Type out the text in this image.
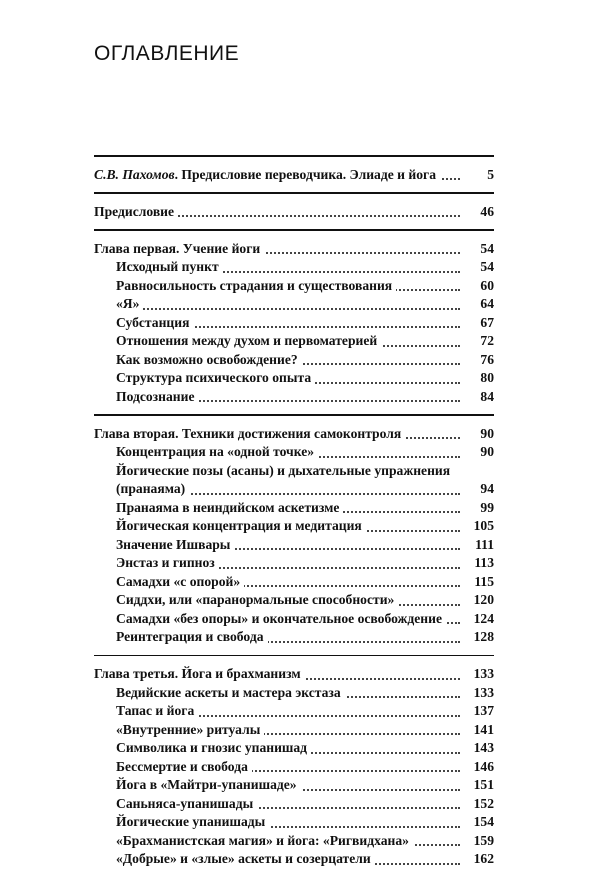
ОГЛАВЛЕНИЕ
С.В. Пахомов. Предисловие переводчика. Элиаде и йога	5
Предисловие	46
Глава первая. Учение йоги	54
Исходный пункт	54
Равносильность страдания и существования	60
«Я»	64
Субстанция	67
Отношения между духом и первоматерией	72
Как возможно освобождение?	76
Структура психического опыта	80
Подсознание	84
Глава вторая. Техники достижения самоконтроля	90
Концентрация на «одной точке»	90
Йогические позы (асаны) и дыхательные упражнения
(пранаяма)	94
Пранаяма в неиндийском аскетизме	99
Йогическая концентрация и медитация	105
Значение Ишвары	111
Энстаз и гипноз	113
Самадхи «с опорой»	115
Сиддхи, или «паранормальные способности»	120
Самадхи «без опоры» и окончательное освобождение	124
Реинтеграция и свобода	128
Глава третья. Йога и брахманизм	133
Ведийские аскеты и мастера экстаза	133
Тапас и йога	137
«Внутренние» ритуалы	141
Символика и гнозис упанишад	143
Бессмертие и свобода	146
Йога в «Майтри-упанишаде»	151
Саньняса-упанишады	152
Йогические упанишады	154
«Брахманистская магия» и йога: «Ригвидхана»	159
«Добрые» и «злые» аскеты и созерцатели	162
